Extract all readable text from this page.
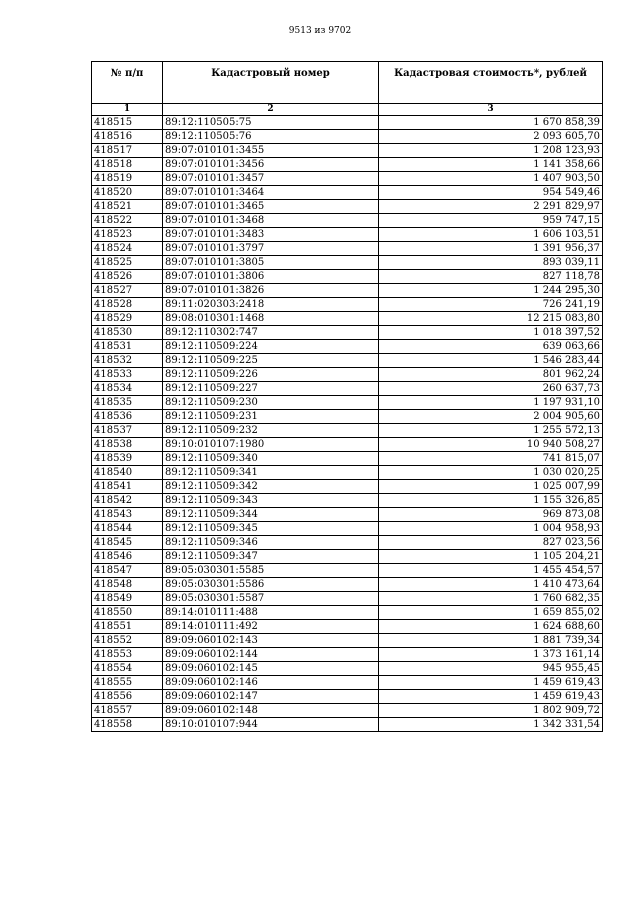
9513 из 9702
№ п/п	Кадастровый номер	Кадастровая стоимость*, рублей
1	2	3
418515	89:12:110505:75	1 670 858,39
418516	89:12:110505:76	2 093 605,70
418517	89:07:010101:3455	1 208 123,93
418518	89:07:010101:3456	1 141 358,66
418519	89:07:010101:3457	1 407 903,50
418520	89:07:010101:3464	954 549,46
418521	89:07:010101:3465	2 291 829,97
418522	89:07:010101:3468	959 747,15
418523	89:07:010101:3483	1 606 103,51
418524	89:07:010101:3797	1 391 956,37
418525	89:07:010101:3805	893 039,11
418526	89:07:010101:3806	827 118,78
418527	89:07:010101:3826	1 244 295,30
418528	89:11:020303:2418	726 241,19
418529	89:08:010301:1468	12 215 083,80
418530	89:12:110302:747	1 018 397,52
418531	89:12:110509:224	639 063,66
418532	89:12:110509:225	1 546 283,44
418533	89:12:110509:226	801 962,24
418534	89:12:110509:227	260 637,73
418535	89:12:110509:230	1 197 931,10
418536	89:12:110509:231	2 004 905,60
418537	89:12:110509:232	1 255 572,13
418538	89:10:010107:1980	10 940 508,27
418539	89:12:110509:340	741 815,07
418540	89:12:110509:341	1 030 020,25
418541	89:12:110509:342	1 025 007,99
418542	89:12:110509:343	1 155 326,85
418543	89:12:110509:344	969 873,08
418544	89:12:110509:345	1 004 958,93
418545	89:12:110509:346	827 023,56
418546	89:12:110509:347	1 105 204,21
418547	89:05:030301:5585	1 455 454,57
418548	89:05:030301:5586	1 410 473,64
418549	89:05:030301:5587	1 760 682,35
418550	89:14:010111:488	1 659 855,02
418551	89:14:010111:492	1 624 688,60
418552	89:09:060102:143	1 881 739,34
418553	89:09:060102:144	1 373 161,14
418554	89:09:060102:145	945 955,45
418555	89:09:060102:146	1 459 619,43
418556	89:09:060102:147	1 459 619,43
418557	89:09:060102:148	1 802 909,72
418558	89:10:010107:944	1 342 331,54
